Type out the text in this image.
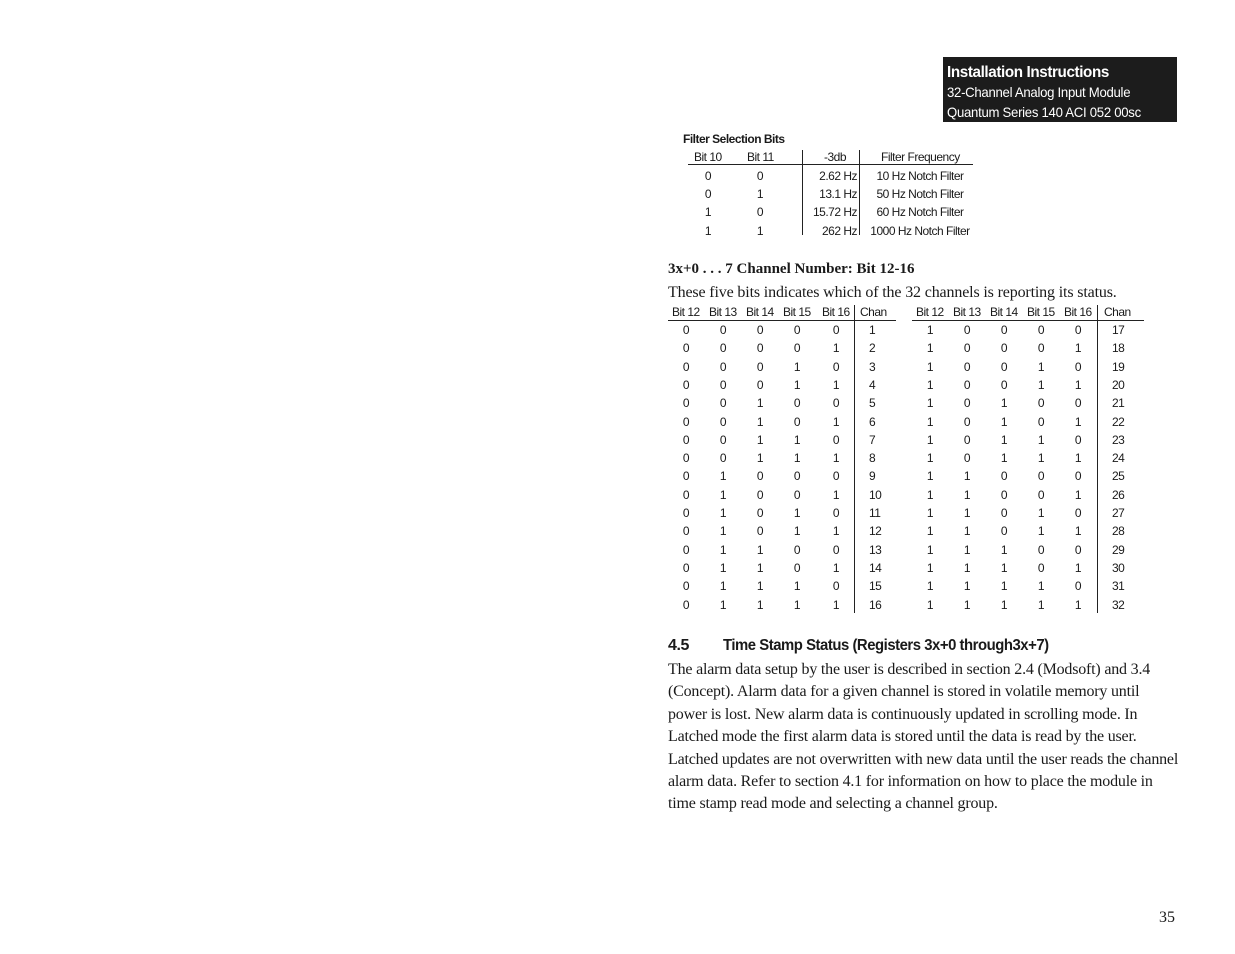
Installation Instructions
32-Channel Analog Input Module
Quantum Series 140 ACI 052 00sc
Filter Selection Bits
Bit 10 Bit 11	-3db	Filter Frequency
0	0	2.62 Hz	10 Hz Notch Filter
0	1	13.1 Hz	50 Hz Notch Filter
1	0	15.72 Hz	60 Hz Notch Filter
1	1	262 Hz	1000 Hz Notch Filter
3x+0 . . . 7 Channel Number: Bit 12-16
These five bits indicates which of the 32 channels is reporting its status.
Bit 12 Bit 13 Bit 14 Bit 15 Bit 16 Chan
0	0	0	0	0	1
0	0	0	0	1	2
0	0	0	1	0	3
0	0	0	1	1	4
0	0	1	0	0	5
0	0	1	0	1	6
0	0	1	1	0	7
0	0	1	1	1	8
0	1	0	0	0	9
0	1	0	0	1	10
0	1	0	1	0	11
0	1	0	1	1	12
0	1	1	0	0	13
0	1	1	0	1	14
0	1	1	1	0	15
0	1	1	1	1	16
Bit 12 Bit 13 Bit 14 Bit 15 Bit 16 Chan
1	0	0	0	0	17
1	0	0	0	1	18
1	0	0	1	0	19
1	0	0	1	1	20
1	0	1	0	0	21
1	0	1	0	1	22
1	0	1	1	0	23
1	0	1	1	1	24
1	1	0	0	0	25
1	1	0	0	1	26
1	1	0	1	0	27
1	1	0	1	1	28
1	1	1	0	0	29
1	1	1	0	1	30
1	1	1	1	0	31
1	1	1	1	1	32
4.5 Time Stamp Status (Registers 3x+0 through3x+7)
The alarm data setup by the user is described in section 2.4 (Modsoft) and 3.4
(Concept). Alarm data for a given channel is stored in volatile memory until
power is lost. New alarm data is continuously updated in scrolling mode. In
Latched mode the first alarm data is stored until the data is read by the user.
Latched updates are not overwritten with new data until the user reads the channel
alarm data. Refer to section 4.1 for information on how to place the module in
time stamp read mode and selecting a channel group.
35
